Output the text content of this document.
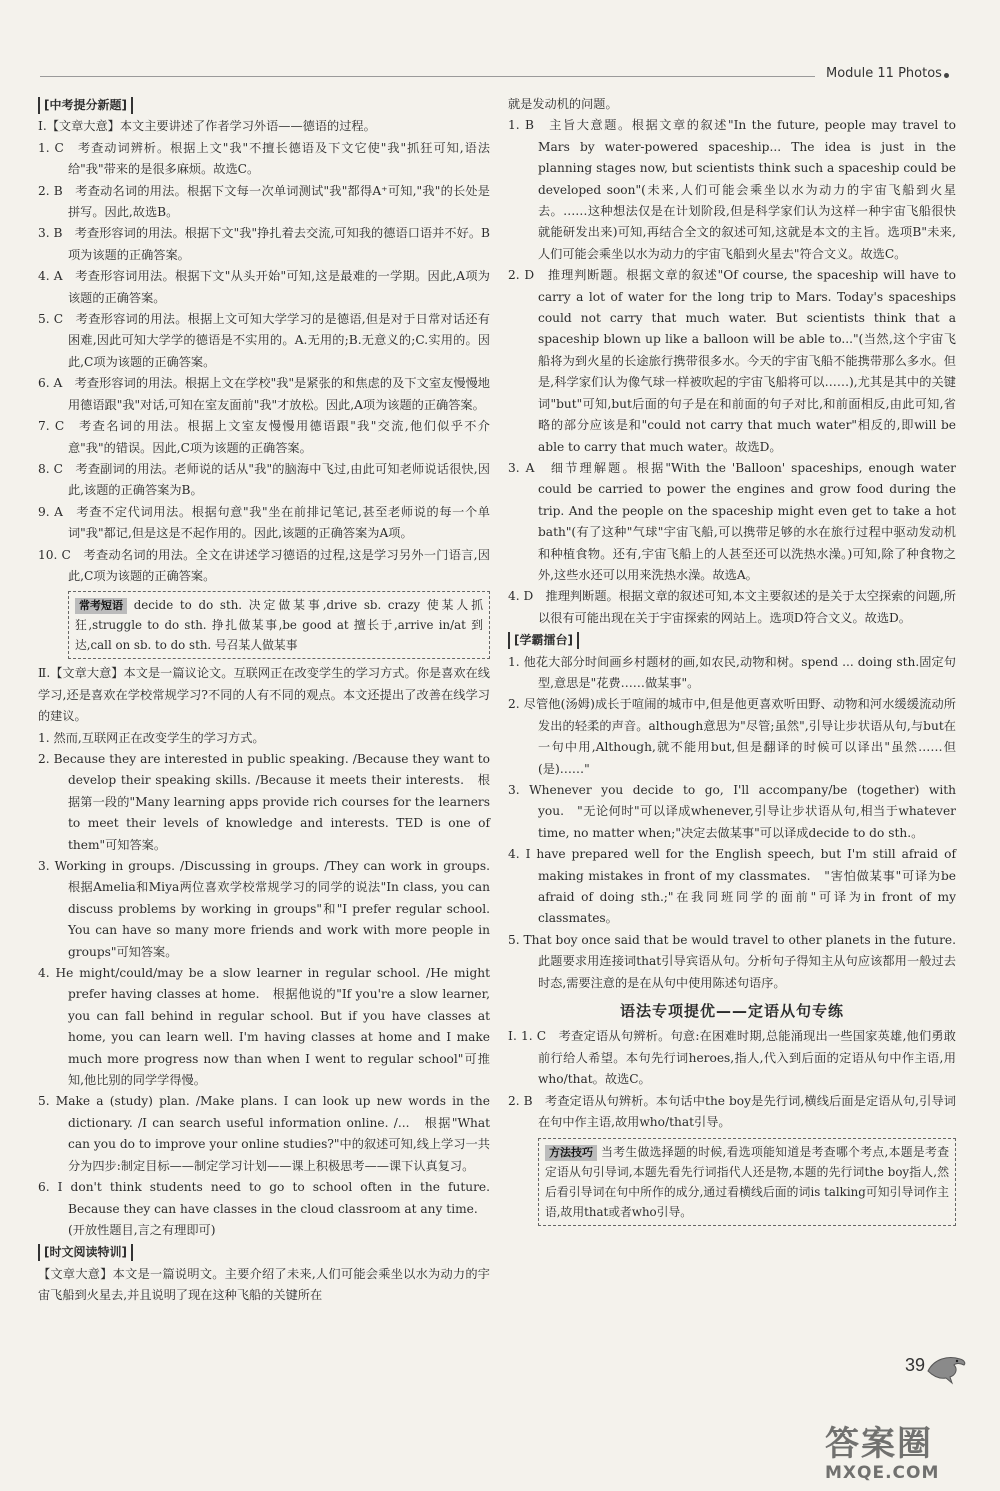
Module 11 Photos
[中考提分新题]

Ⅰ.【文章大意】本文主要讲述了作者学习外语——德语的过程。

1. C　考查动词辨析。根据上文"我"不擅长德语及下文它使"我"抓狂可知,语法给"我"带来的是很多麻烦。故选C。

2. B　考查动名词的用法。根据下文每一次单词测试"我"都得A⁺可知,"我"的长处是拼写。因此,故选B。

3. B　考查形容词的用法。根据下文"我"挣扎着去交流,可知我的德语口语并不好。B项为该题的正确答案。

4. A　考查形容词用法。根据下文"从头开始"可知,这是最难的一学期。因此,A项为该题的正确答案。

5. C　考查形容词的用法。根据上文可知大学学习的是德语,但是对于日常对话还有困难,因此可知大学学的德语是不实用的。A.无用的;B.无意义的;C.实用的。因此,C项为该题的正确答案。

6. A　考查形容词的用法。根据上文在学校"我"是紧张的和焦虑的及下文室友慢慢地用德语跟"我"对话,可知在室友面前"我"才放松。因此,A项为该题的正确答案。

7. C　考查名词的用法。根据上文室友慢慢用德语跟"我"交流,他们似乎不介意"我"的错误。因此,C项为该题的正确答案。

8. C　考查副词的用法。老师说的话从"我"的脑海中飞过,由此可知老师说话很快,因此,该题的正确答案为B。

9. A　考查不定代词用法。根据句意"我"坐在前排记笔记,甚至老师说的每一个单词"我"都记,但是这是不起作用的。因此,该题的正确答案为A项。

10. C　考查动名词的用法。全文在讲述学习德语的过程,这是学习另外一门语言,因此,C项为该题的正确答案。

常考短语 decide to do sth. 决定做某事,drive sb. crazy 使某人抓狂,struggle to do sth. 挣扎做某事,be good at 擅长于,arrive in/at 到达,call on sb. to do sth. 号召某人做某事

Ⅱ.【文章大意】本文是一篇议论文。互联网正在改变学生的学习方式。你是喜欢在线学习,还是喜欢在学校常规学习?不同的人有不同的观点。本文还提出了改善在线学习的建议。

1. 然而,互联网正在改变学生的学习方式。

2. Because they are interested in public speaking. /Because they want to develop their speaking skills. /Because it meets their interests.　根据第一段的"Many learning apps provide rich courses for the learners to meet their levels of knowledge and interests. TED is one of them"可知答案。

3. Working in groups. /Discussing in groups. /They can work in groups.　根据Amelia和Miya两位喜欢学校常规学习的同学的说法"In class, you can discuss problems by working in groups"和"I prefer regular school. You can have so many more friends and work with more people in groups"可知答案。

4. He might/could/may be a slow learner in regular school. /He might prefer having classes at home.　根据他说的"If you're a slow learner, you can fall behind in regular school. But if you have classes at home, you can learn well. I'm having classes at home and I make much more progress now than when I went to regular school"可推知,他比别的同学学得慢。

5. Make a (study) plan. /Make plans. I can look up new words in the dictionary. /I can search useful information online. /...　根据"What can you do to improve your online studies?"中的叙述可知,线上学习一共分为四步:制定目标——制定学习计划——课上积极思考——课下认真复习。

6. I don't think students need to go to school often in the future. Because they can have classes in the cloud classroom at any time.

(开放性题目,言之有理即可)

[时文阅读特训]

【文章大意】本文是一篇说明文。主要介绍了未来,人们可能会乘坐以水为动力的宇宙飞船到火星去,并且说明了现在这种飞船的关键所在

就是发动机的问题。

1. B　主旨大意题。根据文章的叙述"In the future, people may travel to Mars by water-powered spaceship... The idea is just in the planning stages now, but scientists think such a spaceship could be developed soon"(未来,人们可能会乘坐以水为动力的宇宙飞船到火星去。……这种想法仅是在计划阶段,但是科学家们认为这样一种宇宙飞船很快就能研发出来)可知,再结合全文的叙述可知,这就是本文的主旨。选项B"未来,人们可能会乘坐以水为动力的宇宙飞船到火星去"符合文义。故选C。

2. D　推理判断题。根据文章的叙述"Of course, the spaceship will have to carry a lot of water for the long trip to Mars. Today's spaceships could not carry that much water. But scientists think that a spaceship blown up like a balloon will be able to..."(当然,这个宇宙飞船将为到火星的长途旅行携带很多水。今天的宇宙飞船不能携带那么多水。但是,科学家们认为像气球一样被吹起的宇宙飞船将可以……),尤其是其中的关键词"but"可知,but后面的句子是在和前面的句子对比,和前面相反,由此可知,省略的部分应该是和"could not carry that much water"相反的,即will be able to carry that much water。故选D。

3. A　细节理解题。根据"With the 'Balloon' spaceships, enough water could be carried to power the engines and grow food during the trip. And the people on the spaceship might even get to take a hot bath"(有了这种"气球"宇宙飞船,可以携带足够的水在旅行过程中驱动发动机和种植食物。还有,宇宙飞船上的人甚至还可以洗热水澡。)可知,除了种食物之外,这些水还可以用来洗热水澡。故选A。

4. D　推理判断题。根据文章的叙述可知,本文主要叙述的是关于太空探索的问题,所以很有可能出现在关于宇宙探索的网站上。选项D符合文义。故选D。

[学霸擂台]

1. 他花大部分时间画乡村题材的画,如农民,动物和树。spend ... doing sth.固定句型,意思是"花费……做某事"。

2. 尽管他(汤姆)成长于喧闹的城市中,但是他更喜欢听田野、动物和河水缓缓流动所发出的轻柔的声音。although意思为"尽管;虽然",引导让步状语从句,与but在一句中用,Although,就不能用but,但是翻译的时候可以译出"虽然……但(是)……"

3. Whenever you decide to go, I'll accompany/be (together) with you.　"无论何时"可以译成whenever,引导让步状语从句,相当于whatever time, no matter when;"决定去做某事"可以译成decide to do sth.。

4. I have prepared well for the English speech, but I'm still afraid of making mistakes in front of my classmates.　"害怕做某事"可译为be afraid of doing sth.;"在我同班同学的面前"可译为in front of my classmates。

5. That boy once said that be would travel to other planets in the future.　此题要求用连接词that引导宾语从句。分析句子得知主从句应该都用一般过去时态,需要注意的是在从句中使用陈述句语序。

语法专项提优——定语从句专练

Ⅰ. 1. C　考查定语从句辨析。句意:在困难时期,总能涌现出一些国家英雄,他们勇敢前行给人希望。本句先行词heroes,指人,代入到后面的定语从句中作主语,用who/that。故选C。

2. B　考查定语从句辨析。本句话中the boy是先行词,横线后面是定语从句,引导词在句中作主语,故用who/that引导。

方法技巧 当考生做选择题的时候,看选项能知道是考查哪个考点,本题是考查定语从句引导词,本题先看先行词指代人还是物,本题的先行词the boy指人,然后看引导词在句中所作的成分,通过看横线后面的词is talking可知引导词作主语,故用that或者who引导。
39
答案圈
MXQE.COM
